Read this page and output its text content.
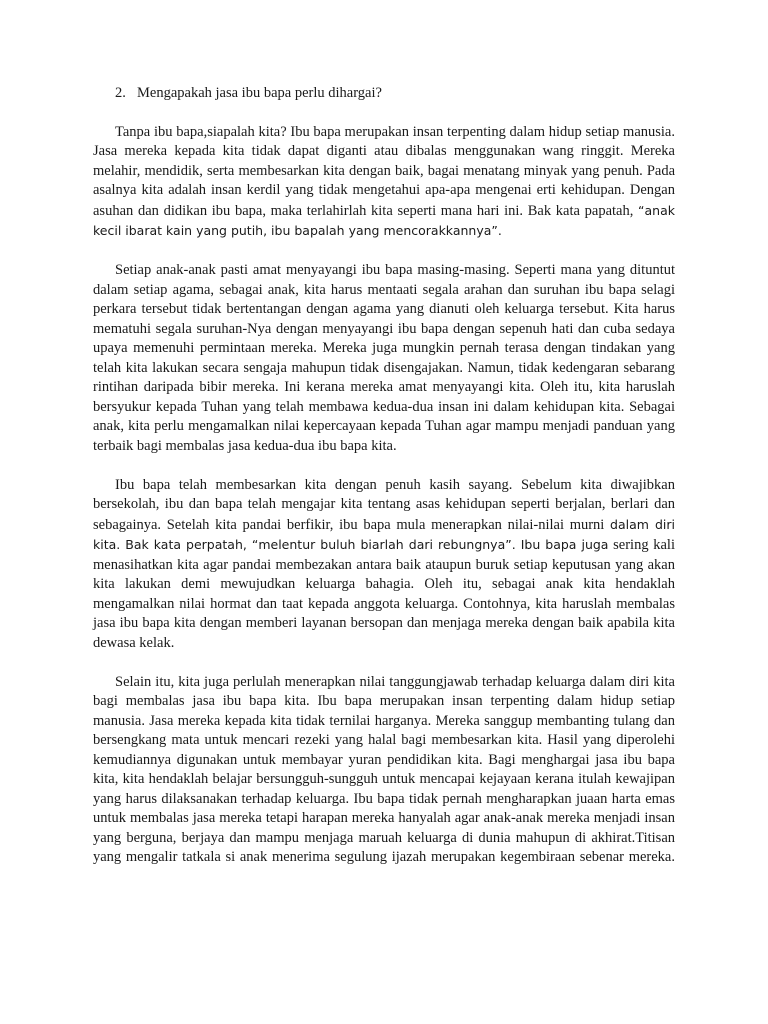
2. Mengapakah jasa ibu bapa perlu dihargai?

Tanpa ibu bapa,siapalah kita? Ibu bapa merupakan insan terpenting dalam hidup setiap manusia. Jasa mereka kepada kita tidak dapat diganti atau dibalas menggunakan wang ringgit. Mereka melahir, mendidik, serta membesarkan kita dengan baik, bagai menatang minyak yang penuh. Pada asalnya kita adalah insan kerdil yang tidak mengetahui apa-apa mengenai erti kehidupan. Dengan asuhan dan didikan ibu bapa, maka terlahirlah kita seperti mana hari ini. Bak kata papatah, “anak kecil ibarat kain yang putih, ibu bapalah yang mencorakkannya”.

Setiap anak-anak pasti amat menyayangi ibu bapa masing-masing. Seperti mana yang dituntut dalam setiap agama, sebagai anak, kita harus mentaati segala arahan dan suruhan ibu bapa selagi perkara tersebut tidak bertentangan dengan agama yang dianuti oleh keluarga tersebut. Kita harus mematuhi segala suruhan-Nya dengan menyayangi ibu bapa dengan sepenuh hati dan cuba sedaya upaya memenuhi permintaan mereka. Mereka juga mungkin pernah terasa dengan tindakan yang telah kita lakukan secara sengaja mahupun tidak disengajakan. Namun, tidak kedengaran sebarang rintihan daripada bibir mereka. Ini kerana mereka amat menyayangi kita. Oleh itu, kita haruslah bersyukur kepada Tuhan yang telah membawa kedua-dua insan ini dalam kehidupan kita. Sebagai anak, kita perlu mengamalkan nilai kepercayaan kepada Tuhan agar mampu menjadi panduan yang terbaik bagi membalas jasa kedua-dua ibu bapa kita.

Ibu bapa telah membesarkan kita dengan penuh kasih sayang. Sebelum kita diwajibkan bersekolah, ibu dan bapa telah mengajar kita tentang asas kehidupan seperti berjalan, berlari dan sebagainya. Setelah kita pandai berfikir, ibu bapa mula menerapkan nilai-nilai murni dalam diri kita. Bak kata perpatah, “melentur buluh biarlah dari rebungnya”. Ibu bapa juga sering kali menasihatkan kita agar pandai membezakan antara baik ataupun buruk setiap keputusan yang akan kita lakukan demi mewujudkan keluarga bahagia. Oleh itu, sebagai anak kita hendaklah mengamalkan nilai hormat dan taat kepada anggota keluarga. Contohnya, kita haruslah membalas jasa ibu bapa kita dengan memberi layanan bersopan dan menjaga mereka dengan baik apabila kita dewasa kelak.

Selain itu, kita juga perlulah menerapkan nilai tanggungjawab terhadap keluarga dalam diri kita bagi membalas jasa ibu bapa kita. Ibu bapa merupakan insan terpenting dalam hidup setiap manusia. Jasa mereka kepada kita tidak ternilai harganya. Mereka sanggup membanting tulang dan bersengkang mata untuk mencari rezeki yang halal bagi membesarkan kita. Hasil yang diperolehi kemudiannya digunakan untuk membayar yuran pendidikan kita. Bagi menghargai jasa ibu bapa kita, kita hendaklah belajar bersungguh-sungguh untuk mencapai kejayaan kerana itulah kewajipan yang harus dilaksanakan terhadap keluarga. Ibu bapa tidak pernah mengharapkan juaan harta emas untuk membalas jasa mereka tetapi harapan mereka hanyalah agar anak-anak mereka menjadi insan yang berguna, berjaya dan mampu menjaga maruah keluarga di dunia mahupun di akhirat.Titisan yang mengalir tatkala si anak menerima segulung ijazah merupakan kegembiraan sebenar mereka.
